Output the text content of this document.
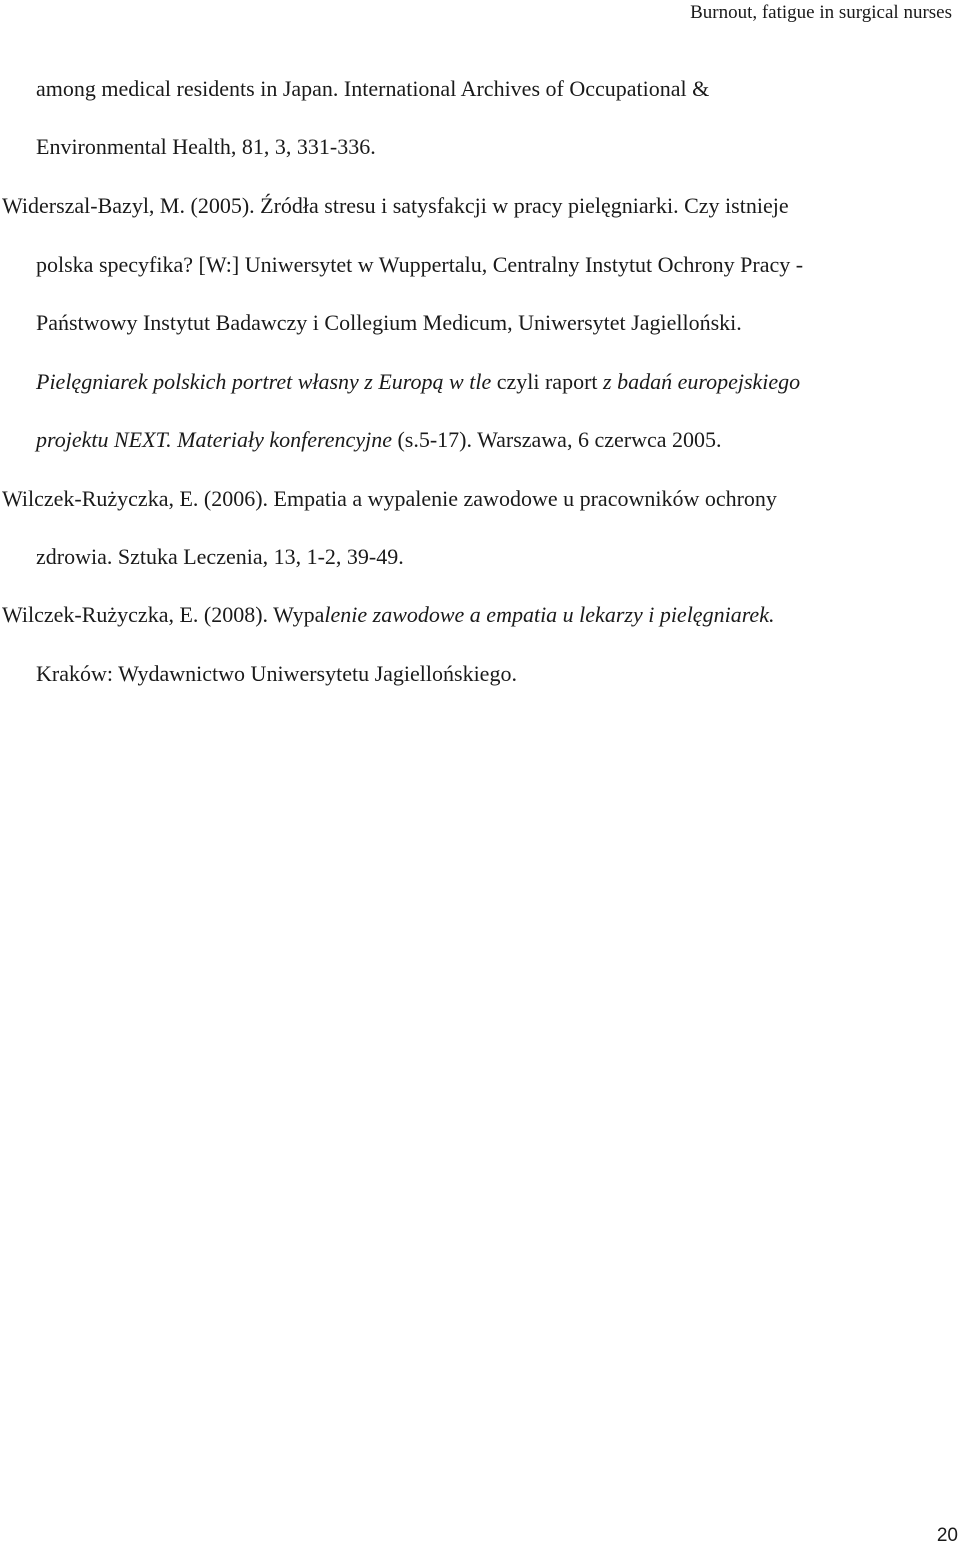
Burnout, fatigue in surgical nurses
among medical residents in Japan. International Archives of Occupational &
Environmental Health, 81, 3, 331-336.
Widerszal-Bazyl, M. (2005). Źródła stresu i satysfakcji w pracy pielęgniarki. Czy istnieje
polska specyfika? [W:] Uniwersytet w Wuppertalu, Centralny Instytut Ochrony Pracy -
Państwowy Instytut Badawczy i Collegium Medicum, Uniwersytet Jagielloński.
Pielęgniarek polskich portret własny z Europą w tle czyli raport z badań europejskiego
projektu NEXT. Materiały konferencyjne (s.5-17). Warszawa, 6 czerwca 2005.
Wilczek-Rużyczka, E. (2006). Empatia a wypalenie zawodowe u pracowników ochrony
zdrowia. Sztuka Leczenia, 13, 1-2, 39-49.
Wilczek-Rużyczka, E. (2008). Wypalenie zawodowe a empatia u lekarzy i pielęgniarek.
Kraków: Wydawnictwo Uniwersytetu Jagiellońskiego.
20
